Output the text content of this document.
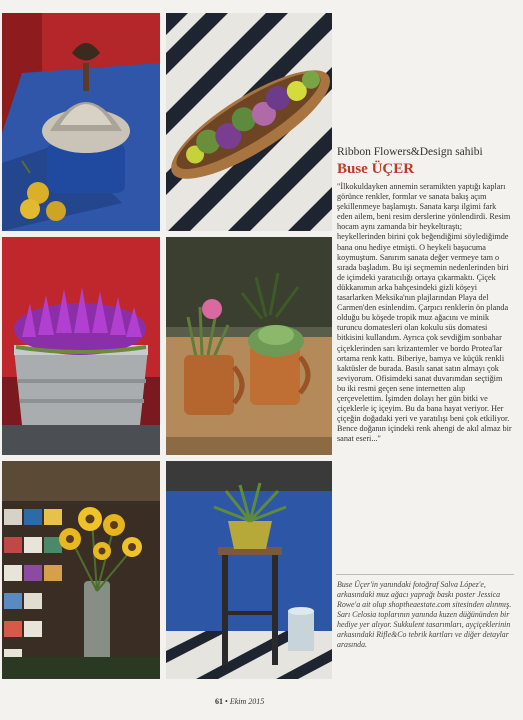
Ribbon Flowers&Design sahibi

Buse ÜÇER

"İlkokuldayken annemin seramikten yaptığı kapları görünce renkler, formlar ve sanata bakış açım şekillenmeye başlamıştı. Sanata karşı ilgimi fark eden ailem, beni resim derslerine yönlendirdi. Resim hocam aynı zamanda bir heykeltıraştı; heykellerinden birini çok beğendiğimi söylediğimde bana onu hediye etmişti. O heykeli başucuma koymuştum. Sanırım sanata değer vermeye tam o sırada başladım. Bu işi seçmemin nedenlerinden biri de içimdeki yaratıcılığı ortaya çıkarmaktı. Çiçek dükkanımın arka bahçesindeki gizli köşeyi tasarlarken Meksika'nın plajlarından Playa del Carmen'den esinlendim. Çarpıcı renklerin ön planda olduğu bu köşede tropik muz ağacını ve minik turuncu domatesleri olan kokulu süs domatesi bitkisini kullandım. Ayrıca çok sevdiğim sonbahar çiçeklerinden sarı krizantemler ve bordo Protea'lar ortama renk kattı. Biberiye, bamya ve küçük renkli kaktüsler de burada. Basılı sanat satın almayı çok seviyorum. Ofisimdeki sanat duvarımdan seçtiğim bu iki resmi geçen sene internetten alıp çerçevelettim. İşimden dolayı her gün bitki ve çiçeklerle iç içeyim. Bu da bana hayat veriyor. Her çiçeğin doğadaki yeri ve yaratılışı beni çok etkiliyor. Bence doğanın içindeki renk ahengi de akıl almaz bir sanat eseri..."

Buse Üçer'in yanındaki fotoğraf Salva López'e, arkasındaki muz ağacı yaprağı baskı poster Jessica Rowe'a ait olup shoptheaestate.com sitesinden alınmış. Sarı Celosia toplarının yanında kuzen düğününden bir hediye yer alıyor. Sukkulent tasarımları, ayçiçeklerinin arkasındaki Rifle&Co tebrik kartları ve diğer detaylar arasında.
61 • Ekim 2015
